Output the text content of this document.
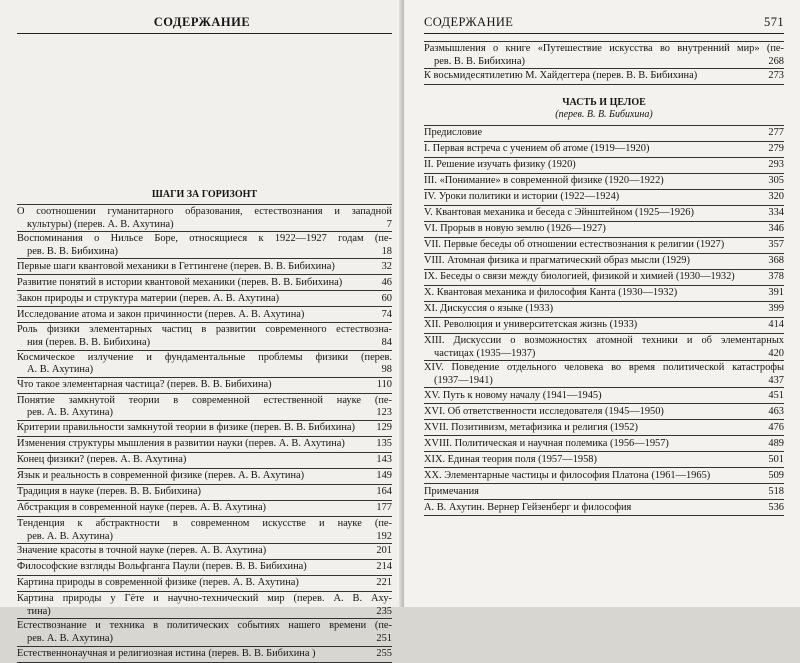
СОДЕРЖАНИЕ
ШАГИ ЗА ГОРИЗОНТ
О соотношении гуманитарного образования, естествознания и западной
культуры) (перев. А. В. Ахутина)	7
Воспоминания о Нильсе Боре, относящиеся к 1922—1927 годам (пе-
рев. В. В. Бибихина)	18
Первые шаги квантовой механики в Геттингене (перев. В. В. Бибихина)	32
Развитие понятий в истории квантовой механики (перев. В. В. Бибихина)	46
Закон природы и структура материи (перев. А. В. Ахутина)	60
Исследование атома и закон причинности (перев. А. В. Ахутина)	74
Роль физики элементарных частиц в развитии современного естествозна-
ния (перев. В. В. Бибихина)	84
Космическое излучение и фундаментальные проблемы физики (перев.
А. В. Ахутина)	98
Что такое элементарная частица? (перев. В. В. Бибихина)	110
Понятие замкнутой теории в современной естественной науке (пе-
рев. А. В. Ахутина)	123
Критерии правильности замкнутой теории в физике (перев. В. В. Бибихина)	129
Изменения структуры мышления в развитии науки (перев. А. В. Ахутина)	135
Конец физики? (перев. А. В. Ахутина)	143
Язык и реальность в современной физике (перев. А. В. Ахутина)	149
Традиция в науке (перев. В. В. Бибихина)	164
Абстракция в современной науке (перев. А. В. Ахутина)	177
Тенденция к абстрактности в современном искусстве и науке (пе-
рев. А. В. Ахутина)	192
Значение красоты в точной науке (перев. А. В. Ахутина)	201
Философские взгляды Вольфганга Паули (перев. В. В. Бибихина)	214
Картина природы в современной физике (перев. А. В. Ахутина)	221
Картина природы у Гёте и научно-технический мир (перев. А. В. Аху-
тина)	235
Естествознание и техника в политических событиях нашего времени (пе-
рев. А. В. Ахутина)	251
Естественнонаучная и религиозная истина (перев. В. В. Бибихина )	255
СОДЕРЖАНИЕ	571
Размышления о книге «Путешествие искусства во внутренний мир» (пе-
рев. В. В. Бибихина)	268
К восьмидесятилетию М. Хайдеггера (перев. В. В. Бибихина)	273
ЧАСТЬ И ЦЕЛОЕ
(перев. В. В. Бибихина)
Предисловие	277
I. Первая встреча с учением об атоме (1919—1920)	279
II. Решение изучать физику (1920)	293
III. «Понимание» в современной физике (1920—1922)	305
IV. Уроки политики и истории (1922—1924)	320
V. Квантовая механика и беседа с Эйнштейном (1925—1926)	334
VI. Прорыв в новую землю (1926—1927)	346
VII. Первые беседы об отношении естествознания к религии (1927)	357
VIII. Атомная физика и прагматический образ мысли (1929)	368
IX. Беседы о связи между биологией, физикой и химией (1930—1932)	378
X. Квантовая механика и философия Канта (1930—1932)	391
XI. Дискуссия о языке (1933)	399
XII. Революция и университетская жизнь (1933)	414
XIII. Дискуссии о возможностях атомной техники и об элементарных
частицах (1935—1937)	420
XIV. Поведение отдельного человека во время политической катастрофы
(1937—1941)	437
XV. Путь к новому началу (1941—1945)	451
XVI. Об ответственности исследователя (1945—1950)	463
XVII. Позитивизм, метафизика и религия (1952)	476
XVIII. Политическая и научная полемика (1956—1957)	489
XIX. Единая теория поля (1957—1958)	501
XX. Элементарные частицы и философия Платона (1961—1965)	509
Примечания	518
А. В. Ахутин. Вернер Гейзенберг и философия	536
